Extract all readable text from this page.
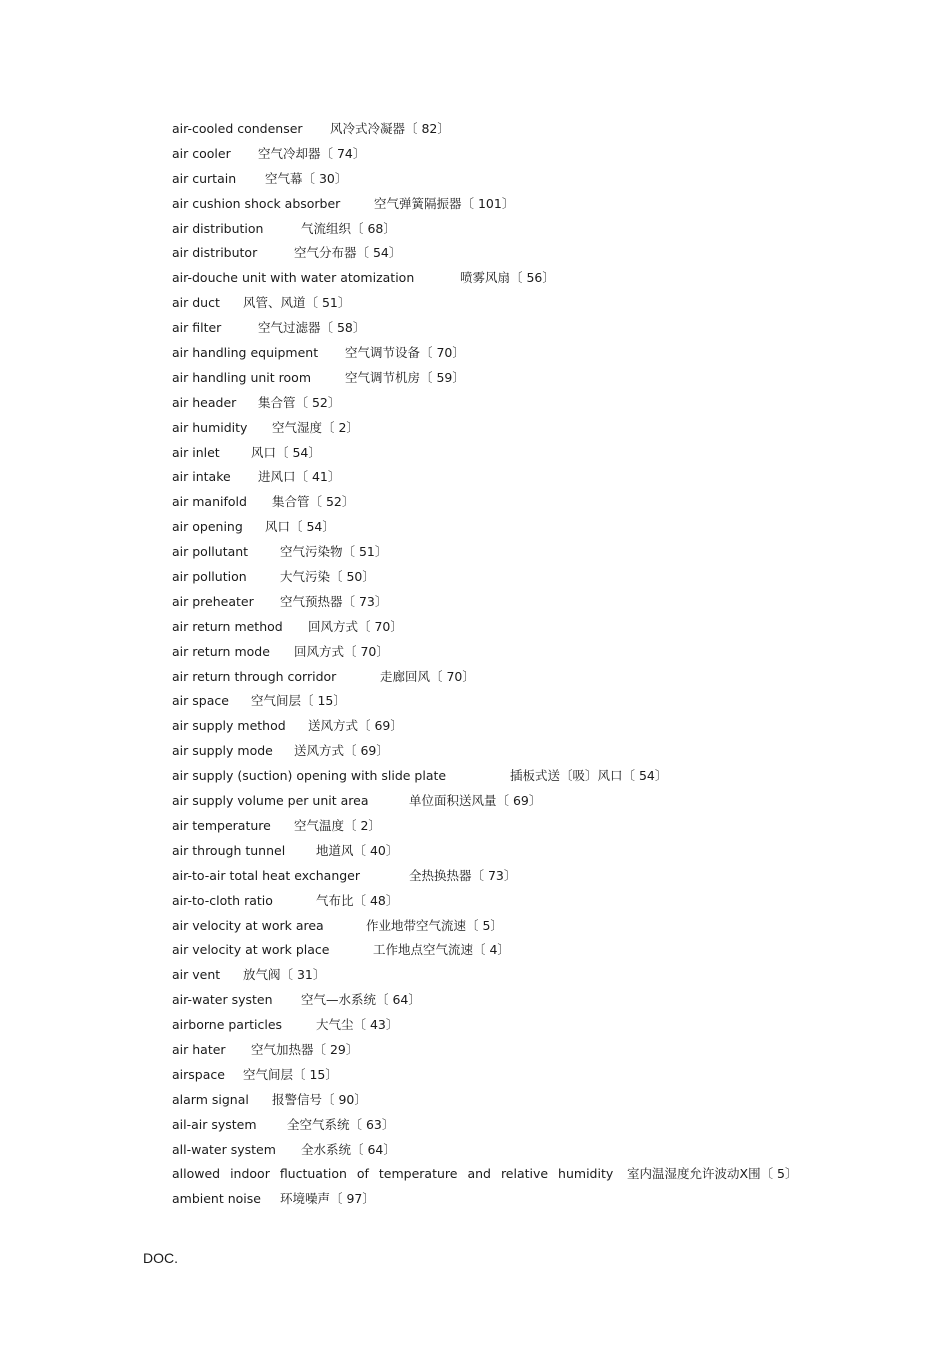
air-cooled condenser 风冷式冷凝器〔 82〕
air cooler 空气冷却器〔 74〕
air curtain 空气幕〔 30〕
air cushion shock absorber	空气弹簧隔振器〔 101〕
air distribution	气流组织〔 68〕
air distributor	空气分布器〔 54〕
air-douche unit with water atomization	喷雾风扇〔 56〕
air duct 风管、风道〔 51〕
air filter	空气过滤器〔 58〕
air handling equipment 空气调节设备〔 70〕
air handling unit room	空气调节机房〔 59〕
air header 集合管〔 52〕
air humidity 空气湿度〔 2〕
air inlet	风口〔 54〕
air intake 进风口〔 41〕
air manifold 集合管〔 52〕
air opening 风口〔 54〕
air pollutant	空气污染物〔 51〕
air pollution	大气污染〔 50〕
air preheater 空气预热器〔 73〕
air return method 回风方式〔 70〕
air return mode 回风方式〔 70〕
air return through corridor	走廊回风〔 70〕
air space 空气间层〔 15〕
air supply method 送风方式〔 69〕
air supply mode 送风方式〔 69〕
air supply (suction) opening with slide plate	插板式送〔吸〕风口〔 54〕
air supply volume per unit area	单位面积送风量〔 69〕
air temperature 空气温度〔 2〕
air through tunnel 地道风〔 40〕
air-to-air total heat exchanger	全热换热器〔 73〕
air-to-cloth ratio	气布比〔 48〕
air velocity at work area	作业地带空气流速〔 5〕
air velocity at work place	工作地点空气流速〔 4〕
air vent 放气阀〔 31〕
air-water systen 空气—水系统〔 64〕
airborne particles	大气尘〔 43〕
air hater 空气加热器〔 29〕
airspace 空气间层〔 15〕
alarm signal 报警信号〔 90〕
ail-air system 全空气系统〔 63〕
all-water system 全水系统〔 64〕
allowed indoor fluctuation of temperature and relative humidity 室内温湿度允许波动X围〔 5〕
ambient noise 环境噪声〔 97〕
DOC.
